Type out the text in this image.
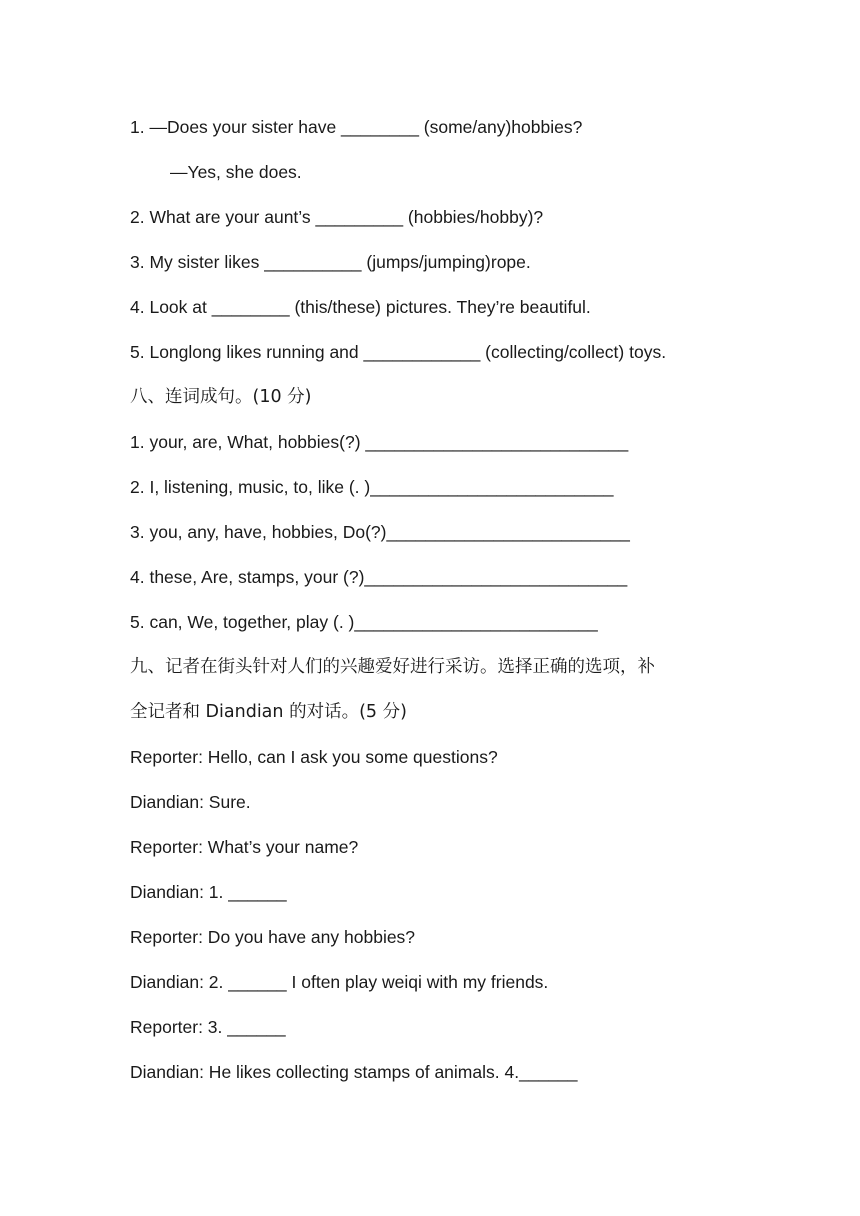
1. —Does your sister have ________ (some/any)hobbies?
—Yes, she does.
2. What are your aunt’s _________ (hobbies/hobby)?
3. My sister likes __________ (jumps/jumping)rope.
4. Look at ________ (this/these) pictures. They’re beautiful.
5. Longlong likes running and ____________ (collecting/collect) toys.
八、连词成句。(10 分)
1. your, are, What, hobbies(?) ___________________________
2. I, listening, music, to, like (. )_________________________
3. you, any, have, hobbies, Do(?)_________________________
4. these, Are, stamps, your (?)___________________________
5. can, We, together, play (. )_________________________
九、记者在街头针对人们的兴趣爱好进行采访。选择正确的选项，补
全记者和 Diandian 的对话。(5 分)
Reporter: Hello, can I ask you some questions?
Diandian: Sure.
Reporter: What’s your name?
Diandian: 1. ______
Reporter: Do you have any hobbies?
Diandian: 2. ______ I often play weiqi with my friends.
Reporter: 3. ______
Diandian: He likes collecting stamps of animals. 4.______
